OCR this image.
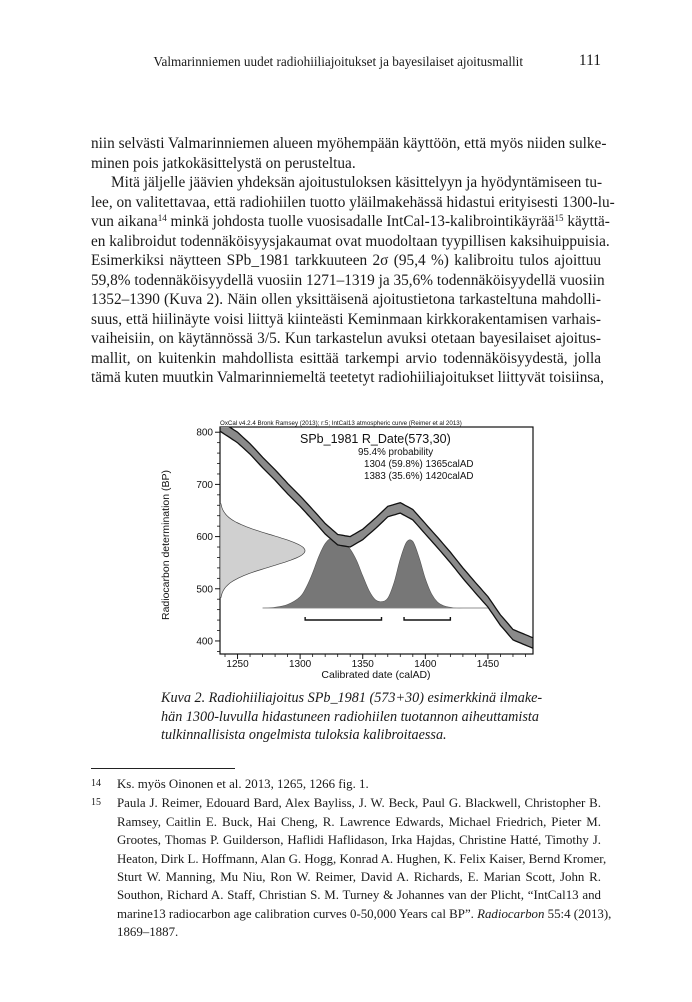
Valmarinniemen uudet radiohiiliajoitukset ja bayesilaiset ajoitusmallit	111
niin selvästi Valmarinniemen alueen myöhempään käyttöön, että myös niiden sulke-
minen pois jatkokäsittelystä on perusteltua.
Mitä jäljelle jäävien yhdeksän ajoitustuloksen käsittelyyn ja hyödyntämiseen tu-
lee, on valitettavaa, että radiohiilen tuotto yläilmakehässä hidastui erityisesti 1300-lu-
vun aikana$^{14}$ minkä johdosta tuolle vuosisadalle IntCal-13-kalibrointikäyrää$^{15}$ käyttä-
en kalibroidut todennäköisyysjakaumat ovat muodoltaan tyypillisen kaksihuippuisia.
Esimerkiksi näytteen SPb_1981 tarkkuuteen 2σ (95,4 %) kalibroitu tulos ajoittuu
59,8% todennäköisyydellä vuosiin 1271–1319 ja 35,6% todennäköisyydellä vuosiin
1352–1390 (Kuva 2). Näin ollen yksittäisenä ajoitustietona tarkasteltuna mahdolli-
suus, että hiilinäyte voisi liittyä kiinteästi Keminmaan kirkkorakentamisen varhais-
vaiheisiin, on käytännössä 3/5. Kun tarkastelun avuksi otetaan bayesilaiset ajoitus-
mallit, on kuitenkin mahdollista esittää tarkempi arvio todennäköisyydestä, jolla
tämä kuten muutkin Valmarinniemeltä teetetyt radiohiiliajoitukset liittyvät toisiinsa,
OxCal v4.2.4 Bronk Ramsey (2013); r:5; IntCal13 atmospheric curve (Reimer et al 2013)
1250	1300	1350	1400	1450
400
500
600
700
800	SPb_1981 R_Date(573,30)
95.4% probability
1304 (59.8%) 1365calAD
1383 (35.6%) 1420calAD
Radiocarbon determination (BP)
Calibrated date (calAD)
Kuva 2. Radiohiiliajoitus SPb_1981 (573+30) esimerkkinä ilmake-
hän 1300-luvulla hidastuneen radiohiilen tuotannon aiheuttamista
tulkinnallisista ongelmista tuloksia kalibroitaessa.
14 Ks. myös Oinonen et al. 2013, 1265, 1266 fig. 1.
15 Paula J. Reimer, Edouard Bard, Alex Bayliss, J. W. Beck, Paul G. Blackwell, Christopher B.
Ramsey, Caitlin E. Buck, Hai Cheng, R. Lawrence Edwards, Michael Friedrich, Pieter M.
Grootes, Thomas P. Guilderson, Haflidi Haflidason, Irka Hajdas, Christine Hatté, Timothy J.
Heaton, Dirk L. Hoffmann, Alan G. Hogg, Konrad A. Hughen, K. Felix Kaiser, Bernd Kromer,
Sturt W. Manning, Mu Niu, Ron W. Reimer, David A. Richards, E. Marian Scott, John R.
Southon, Richard A. Staff, Christian S. M. Turney & Johannes van der Plicht, “IntCal13 and
marine13 radiocarbon age calibration curves 0-50,000 Years cal BP”. Radiocarbon 55:4 (2013),
1869–1887.
